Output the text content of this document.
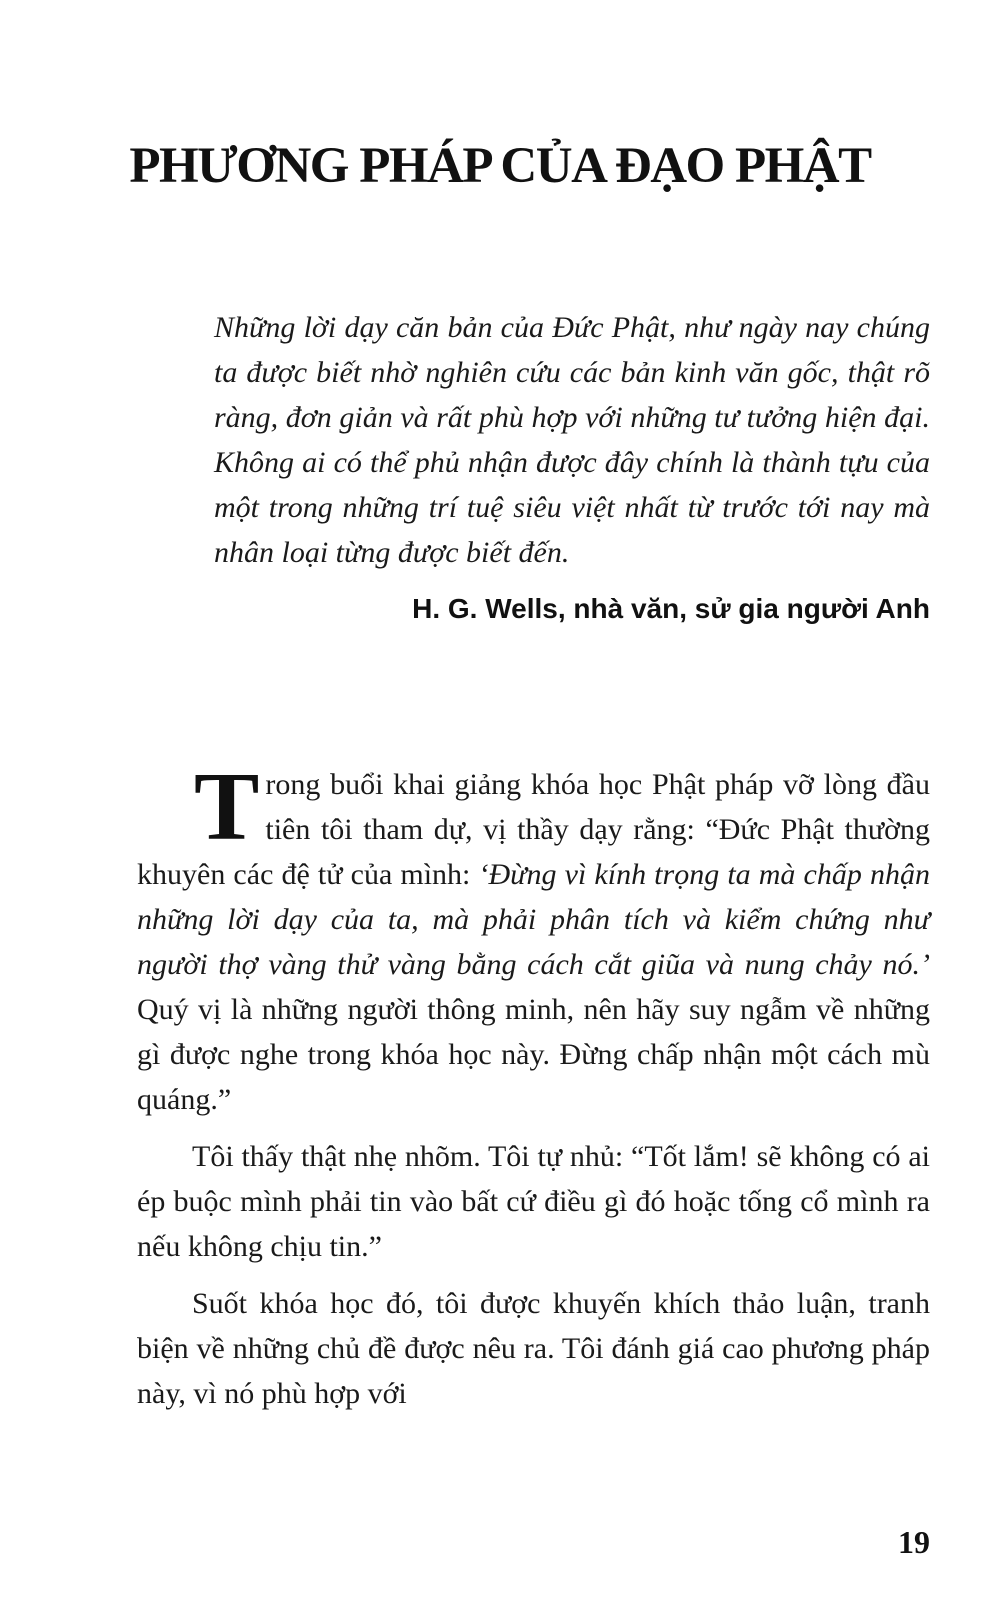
PHƯƠNG PHÁP CỦA ĐẠO PHẬT

Những lời dạy căn bản của Đức Phật, như ngày nay chúng ta được biết nhờ nghiên cứu các bản kinh văn gốc, thật rõ ràng, đơn giản và rất phù hợp với những tư tưởng hiện đại. Không ai có thể phủ nhận được đây chính là thành tựu của một trong những trí tuệ siêu việt nhất từ trước tới nay mà nhân loại từng được biết đến.

H. G. Wells, nhà văn, sử gia người Anh

Trong buổi khai giảng khóa học Phật pháp vỡ lòng đầu tiên tôi tham dự, vị thầy dạy rằng: “Đức Phật thường khuyên các đệ tử của mình: ‘Đừng vì kính trọng ta mà chấp nhận những lời dạy của ta, mà phải phân tích và kiểm chứng như người thợ vàng thử vàng bằng cách cắt giũa và nung chảy nó.’ Quý vị là những người thông minh, nên hãy suy ngẫm về những gì được nghe trong khóa học này. Đừng chấp nhận một cách mù quáng.”

Tôi thấy thật nhẹ nhõm. Tôi tự nhủ: “Tốt lắm! sẽ không có ai ép buộc mình phải tin vào bất cứ điều gì đó hoặc tống cổ mình ra nếu không chịu tin.”

Suốt khóa học đó, tôi được khuyến khích thảo luận, tranh biện về những chủ đề được nêu ra. Tôi đánh giá cao phương pháp này, vì nó phù hợp với

19
